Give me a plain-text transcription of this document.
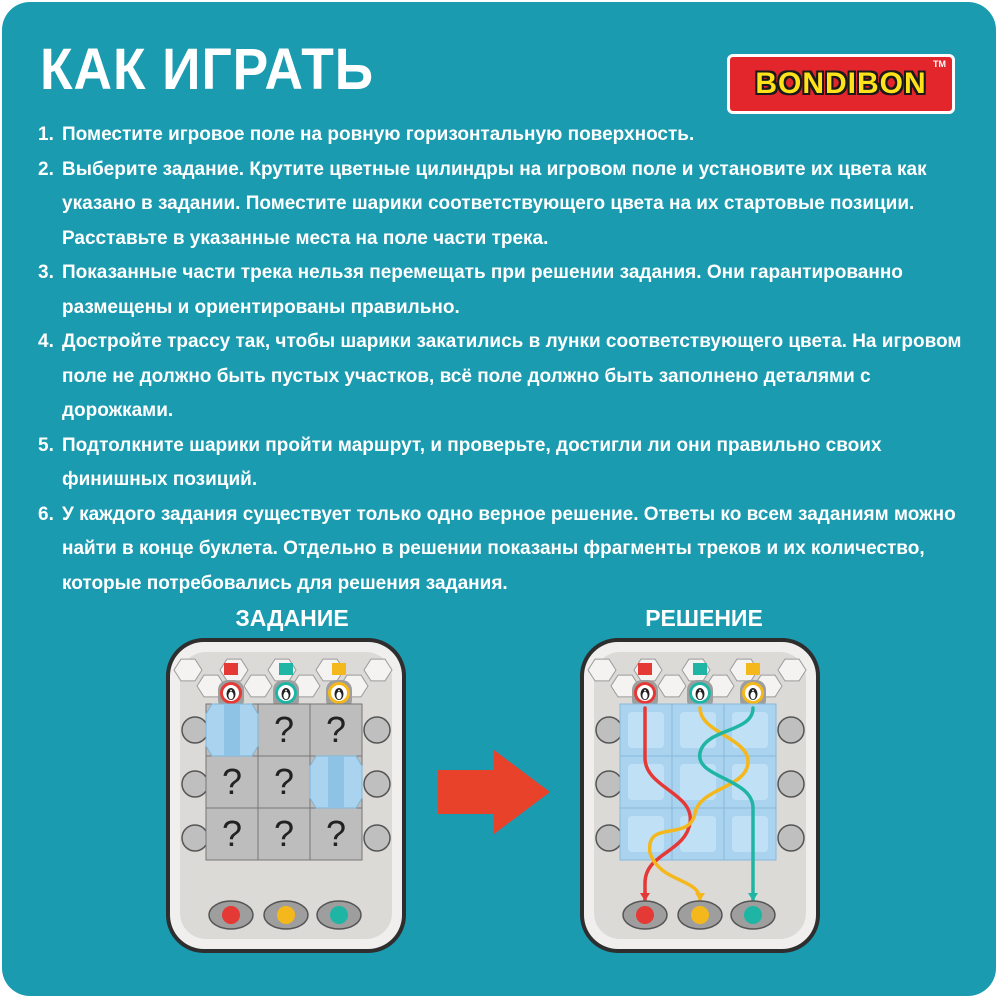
КАК ИГРАТЬ	BONDIBON
TM
1. Поместите игровое поле на ровную горизонтальную поверхность.
2. Выберите задание. Крутите цветные цилиндры на игровом поле и установите их цвета как
указано в задании. Поместите шарики соответствующего цвета на их стартовые позиции.
Расставьте в указанные места на поле части трека.
3. Показанные части трека нельзя перемещать при решении задания. Они гарантированно
размещены и ориентированы правильно.
4. Достройте трассу так, чтобы шарики закатились в лунки соответствующего цвета. На игровом
поле не должно быть пустых участков, всё поле должно быть заполнено деталями с
дорожками.
5. Подтолкните шарики пройти маршрут, и проверьте, достигли ли они правильно своих
финишных позиций.
6. У каждого задания существует только одно верное решение. Ответы ко всем заданиям можно
найти в конце буклета. Отдельно в решении показаны фрагменты треков и их количество,
которые потребовались для решения задания.
ЗАДАНИЕ	РЕШЕНИЕ
? ?
? ?
? ? ?
